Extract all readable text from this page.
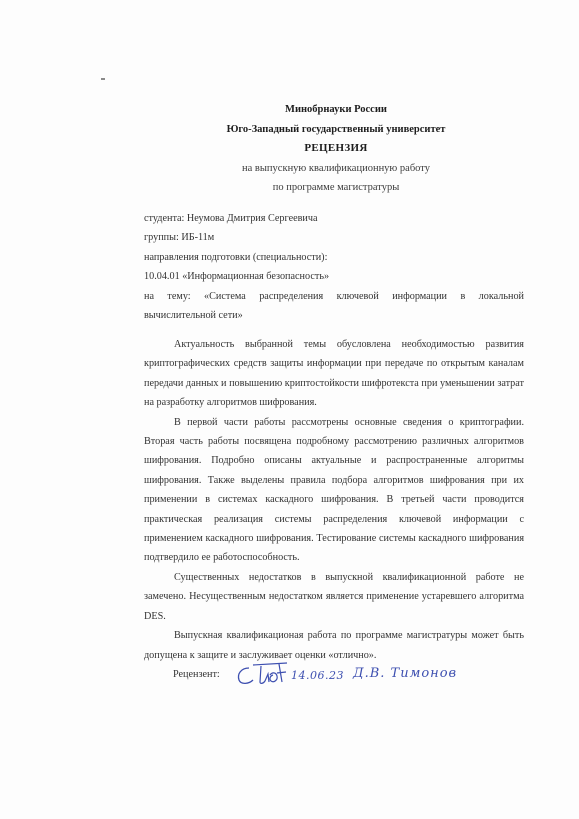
Минобрнауки России
Юго-Западный государственный университет
РЕЦЕНЗИЯ
на выпускную квалификационную работу
по программе магистратуры
студента: Неумова Дмитрия Сергеевича
группы: ИБ-11м
направления подготовки (специальности):
10.04.01 «Информационная безопасность»
на тему: «Система распределения ключевой информации в локальной
вычислительной сети»

Актуальность выбранной темы обусловлена необходимостью развития криптографических средств защиты информации при передаче по открытым каналам передачи данных и повышению криптостойкости шифротекста при уменьшении затрат на разработку алгоритмов шифрования.

В первой части работы рассмотрены основные сведения о криптографии. Вторая часть работы посвящена подробному рассмотрению различных алгоритмов шифрования. Подробно описаны актуальные и распространенные алгоритмы шифрования. Также выделены правила подбора алгоритмов шифрования при их применении в системах каскадного шифрования. В третьей части проводится практическая реализация системы распределения ключевой информации с применением каскадного шифрования. Тестирование системы каскадного шифрования подтвердило ее работоспособность.

Существенных недостатков в выпускной квалификационной работе не замечено. Несущественным недостатком является применение устаревшего алгоритма DES.

Выпускная квалификационая работа по программе магистратуры может быть допущена к защите и заслуживает оценки «отлично».

Рецензент:	14.06.23 Д.В. Тимонов
